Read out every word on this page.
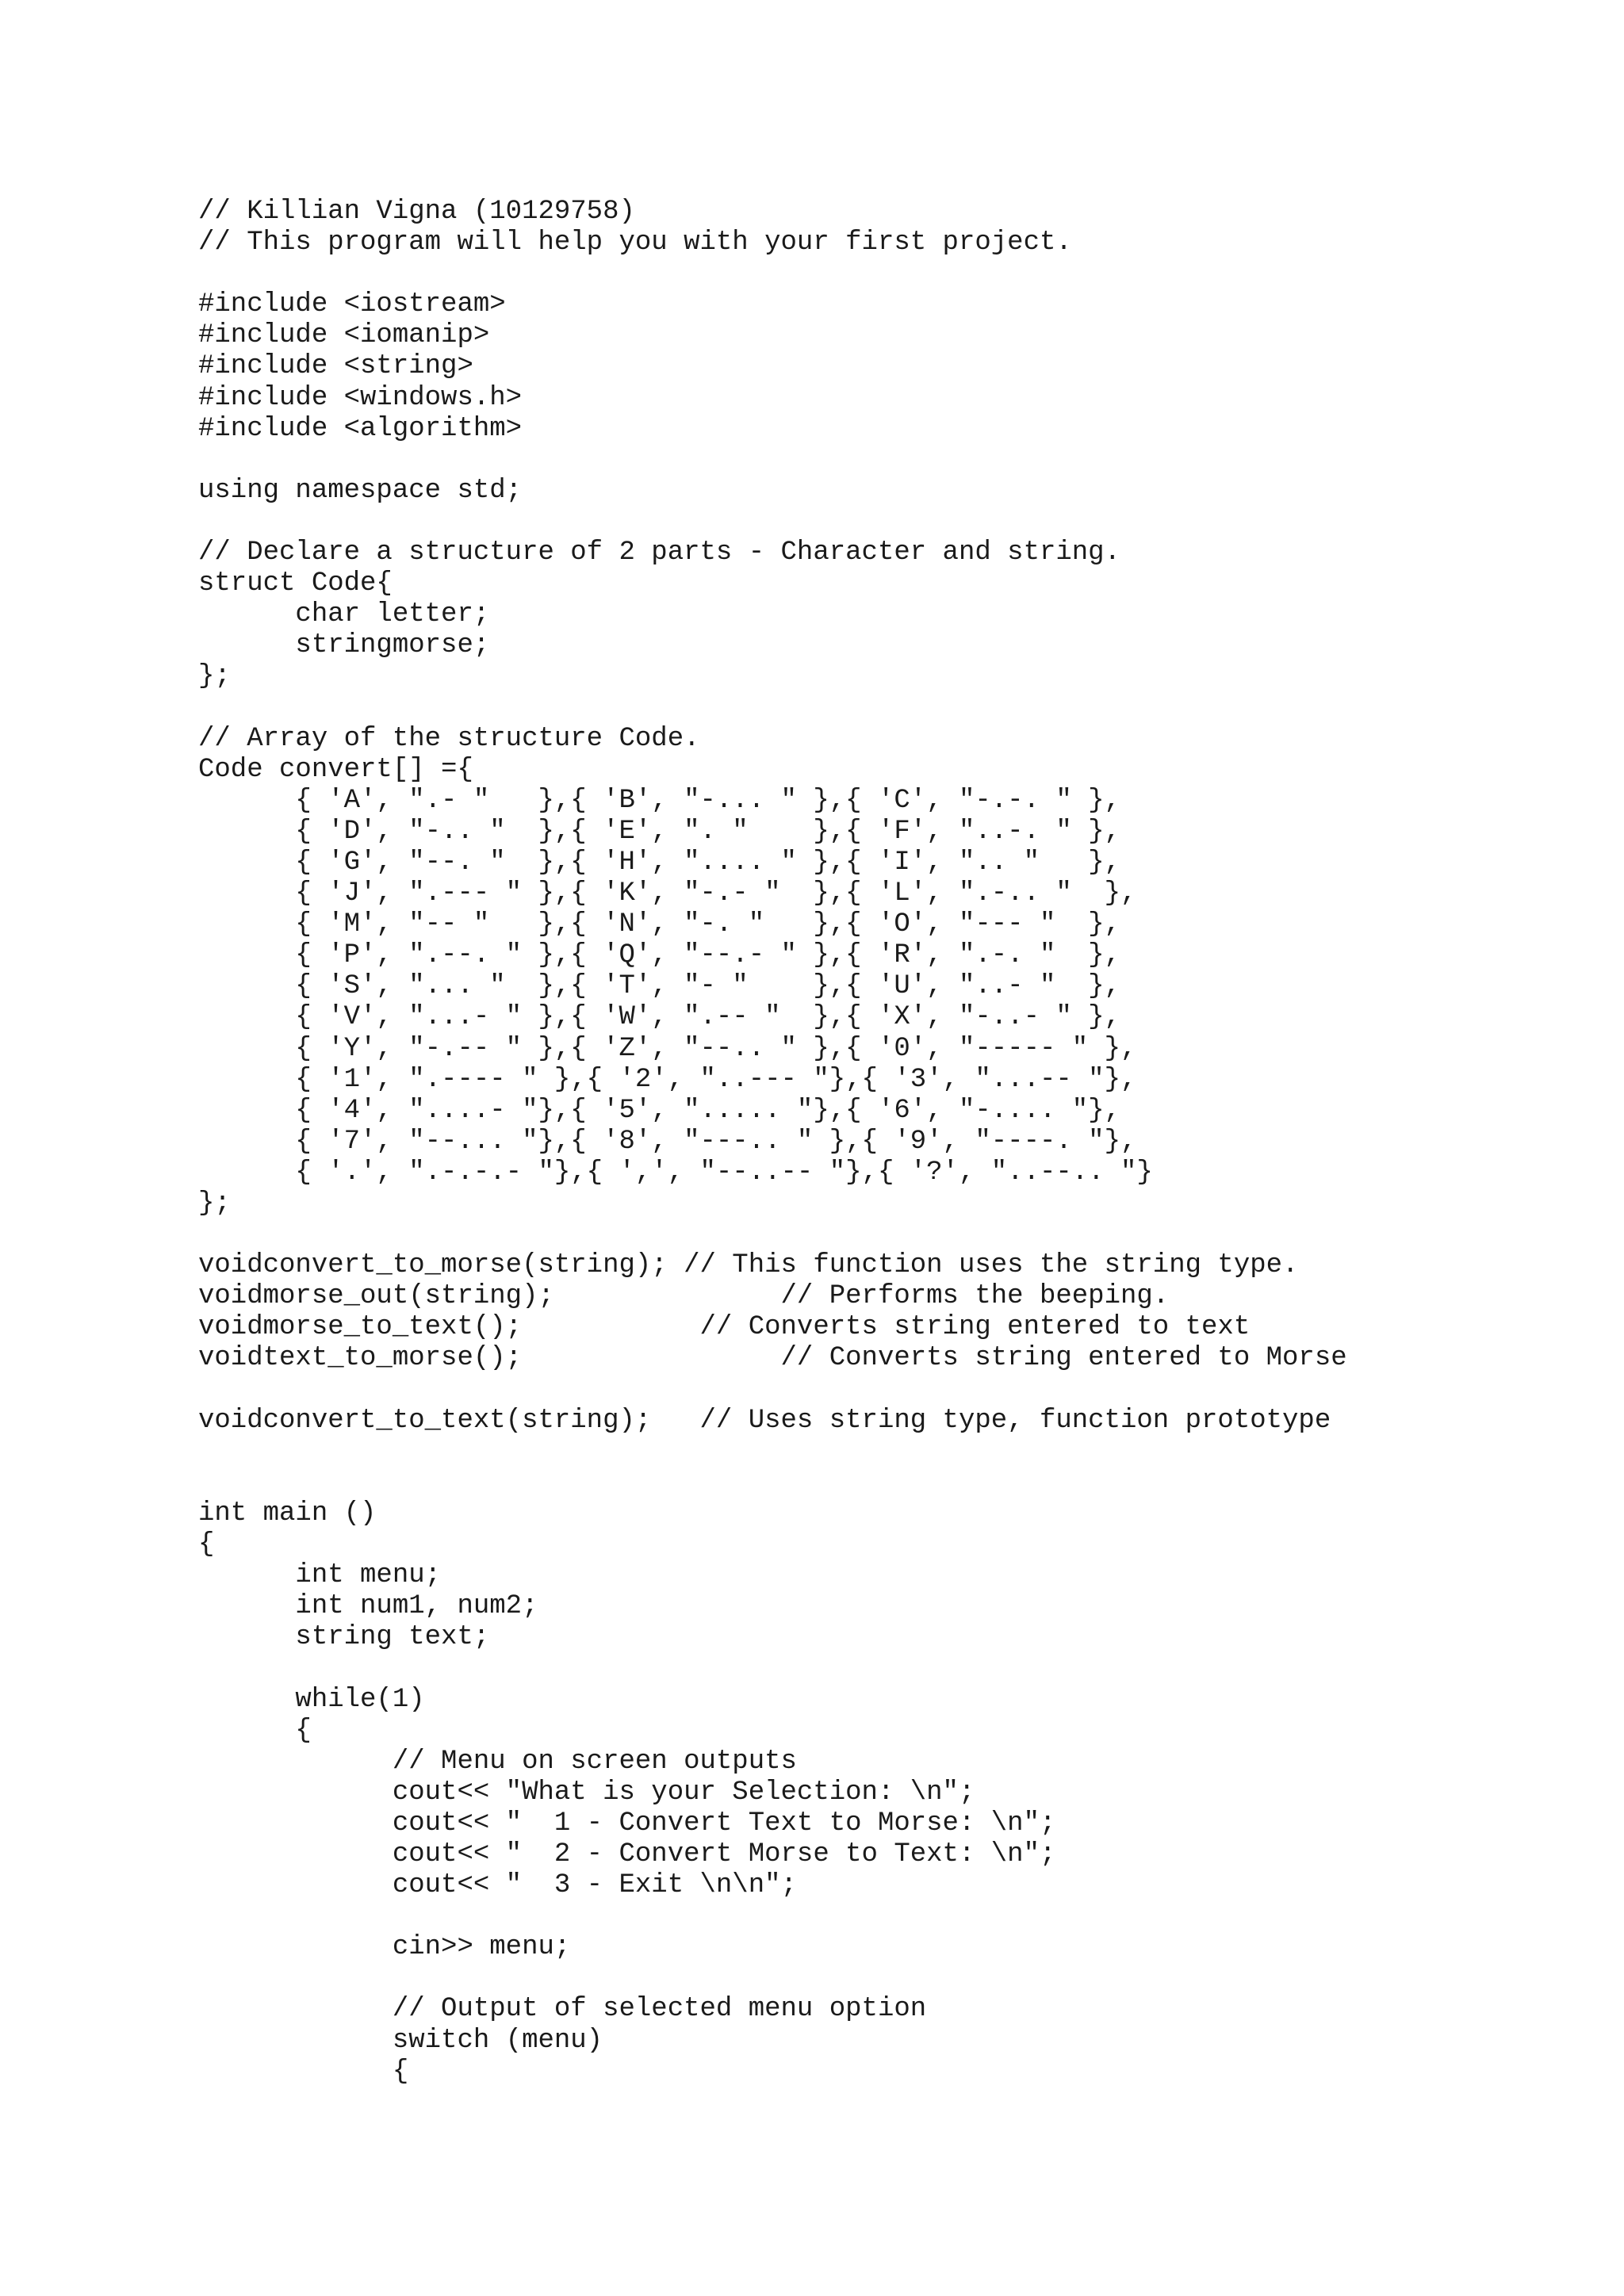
// Killian Vigna (10129758)
// This program will help you with your first project.
#include <iostream>
#include <iomanip>
#include <string>
#include <windows.h>
#include <algorithm>
using namespace std;
// Declare a structure of 2 parts - Character and string.
struct Code{
char letter;
stringmorse;
};
// Array of the structure Code.
Code convert[] ={
{ 'A', ".- "   },{ 'B', "-... " },{ 'C', "-.-. " },
{ 'D', "-.. "  },{ 'E', ". "    },{ 'F', "..-. " },
{ 'G', "--. "  },{ 'H', ".... " },{ 'I', ".. "   },
{ 'J', ".--- " },{ 'K', "-.- "  },{ 'L', ".-.. "  },
{ 'M', "-- "   },{ 'N', "-. "   },{ 'O', "--- "  },
{ 'P', ".--. " },{ 'Q', "--.- " },{ 'R', ".-. "  },
{ 'S', "... "  },{ 'T', "- "    },{ 'U', "..- "  },
{ 'V', "...- " },{ 'W', ".-- "  },{ 'X', "-..- " },
{ 'Y', "-.-- " },{ 'Z', "--.. " },{ '0', "----- " },
{ '1', ".---- " },{ '2', "..--- "},{ '3', "...-- "},
{ '4', "....- "},{ '5', "..... "},{ '6', "-.... "},
{ '7', "--... "},{ '8', "---.. " },{ '9', "----. "},
{ '.', ".-.-.- "},{ ',', "--..-- "},{ '?', "..--.. "}
};
voidconvert_to_morse(string); // This function uses the string type.
voidmorse_out(string);              // Performs the beeping.
voidmorse_to_text();           // Converts string entered to text
voidtext_to_morse();                // Converts string entered to Morse
voidconvert_to_text(string);   // Uses string type, function prototype
int main ()
{
int menu;
int num1, num2;
string text;
while(1)
{
// Menu on screen outputs
cout<< "What is your Selection: \n";
cout<< "  1 - Convert Text to Morse: \n";
cout<< "  2 - Convert Morse to Text: \n";
cout<< "  3 - Exit \n\n";
cin>> menu;
// Output of selected menu option
switch (menu)
{
